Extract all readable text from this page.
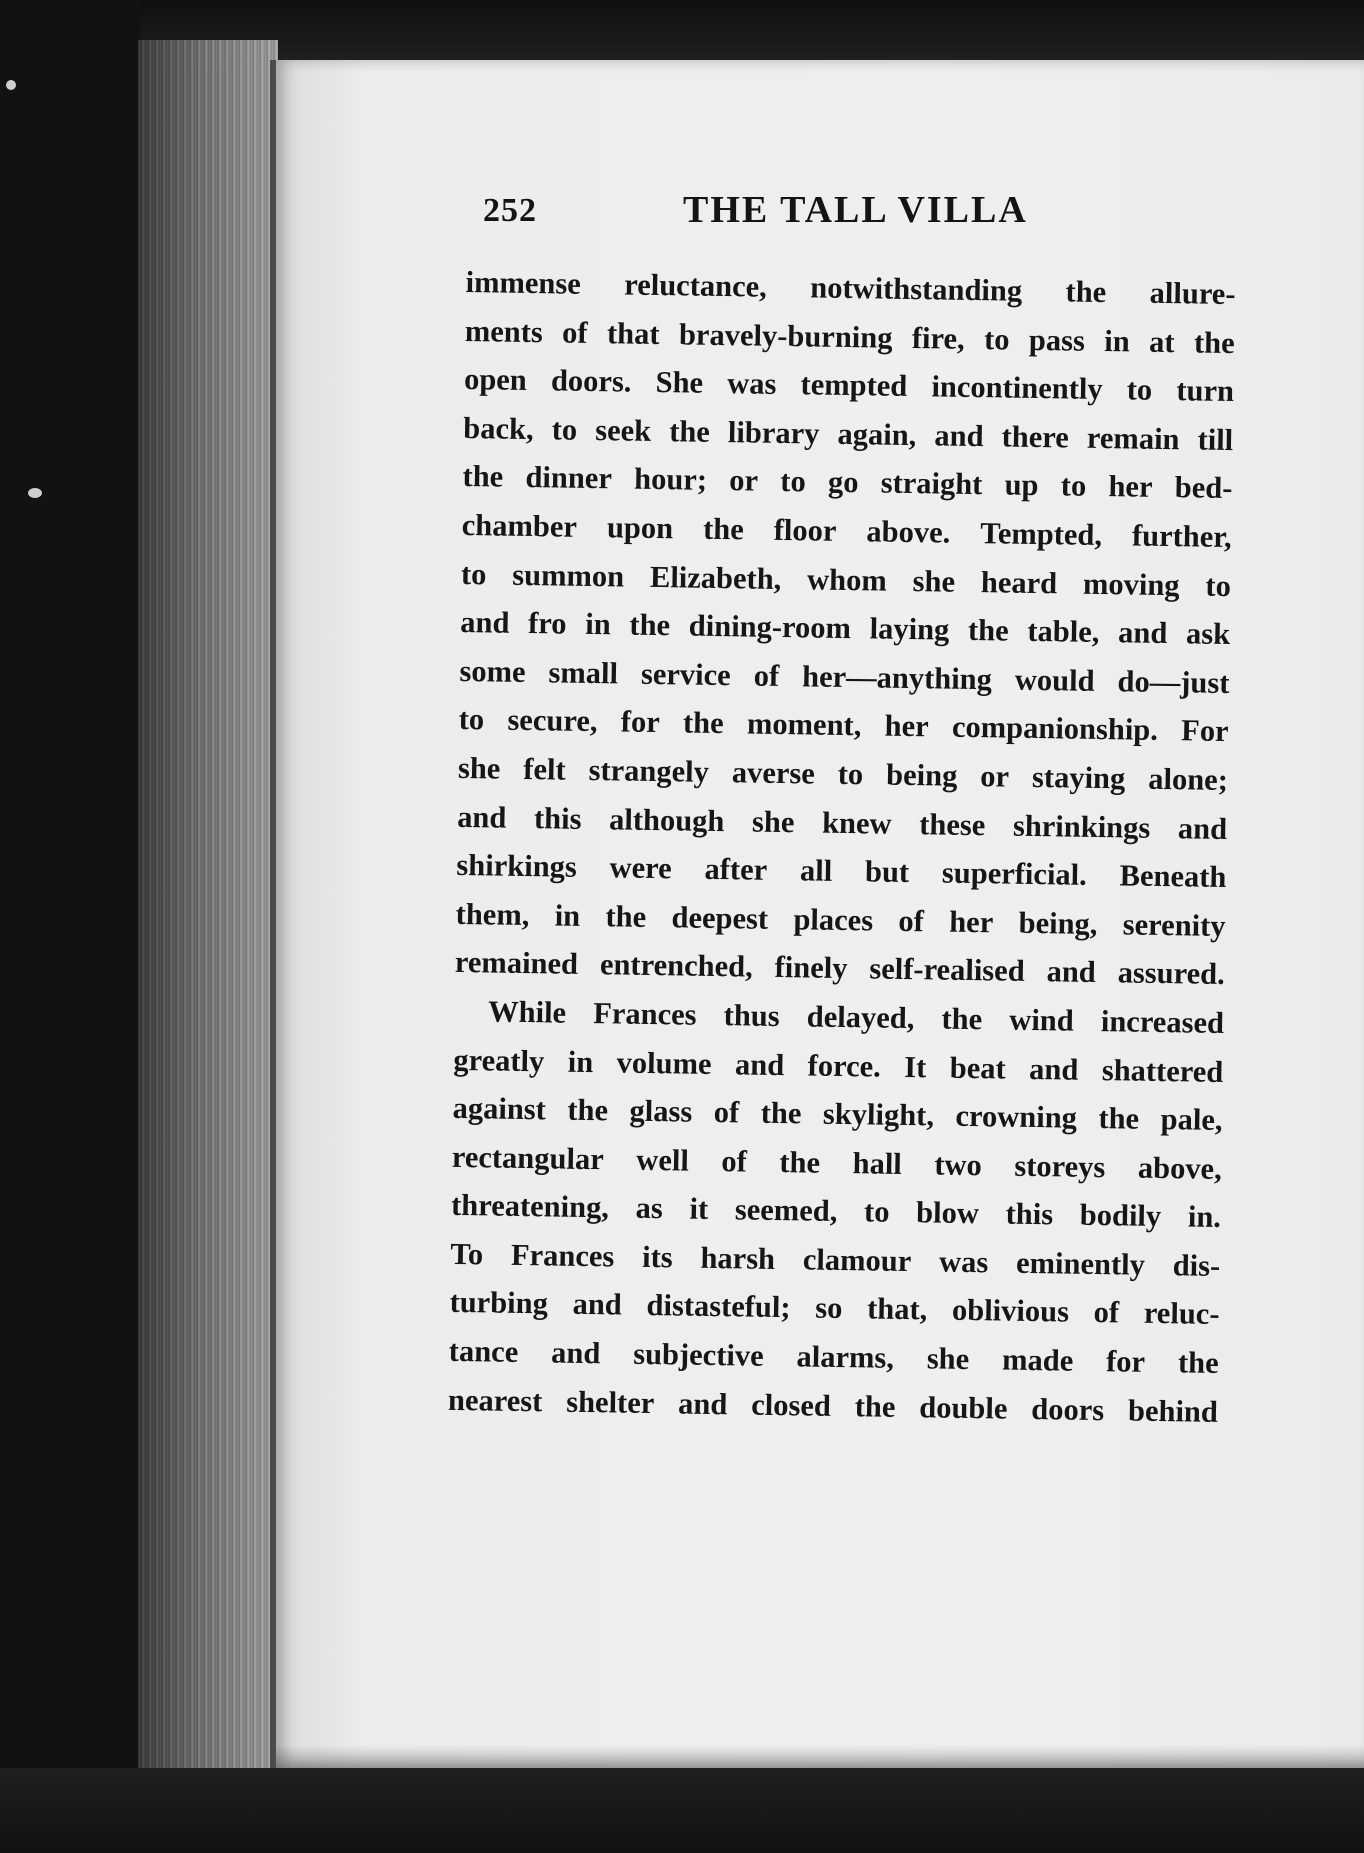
252	THE TALL VILLA
immense reluctance, notwithstanding the allure-
ments of that bravely-burning fire, to pass in at the
open doors. She was tempted incontinently to turn
back, to seek the library again, and there remain till
the dinner hour; or to go straight up to her bed-
chamber upon the floor above. Tempted, further,
to summon Elizabeth, whom she heard moving to
and fro in the dining-room laying the table, and ask
some small service of her—anything would do—just
to secure, for the moment, her companionship. For
she felt strangely averse to being or staying alone;
and this although she knew these shrinkings and
shirkings were after all but superficial. Beneath
them, in the deepest places of her being, serenity
remained entrenched, finely self-realised and assured.
While Frances thus delayed, the wind increased
greatly in volume and force. It beat and shattered
against the glass of the skylight, crowning the pale,
rectangular well of the hall two storeys above,
threatening, as it seemed, to blow this bodily in.
To Frances its harsh clamour was eminently dis-
turbing and distasteful; so that, oblivious of reluc-
tance and subjective alarms, she made for the
nearest shelter and closed the double doors behind
